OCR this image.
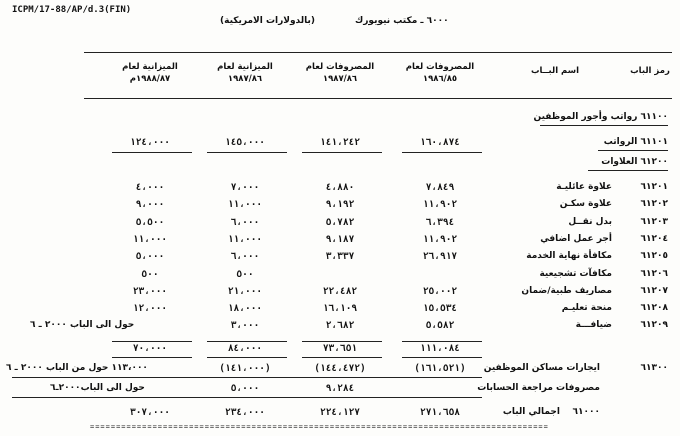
ICPM/17-88/AP/d.3(FIN)
٦٠٠٠ ـ مكتب نيويورك
(بالدولارات الامريكية)
رمز الباب
اسم البــاب
المصروفات لعام
١٩٨٦/٨٥
المصروفات لعام
١٩٨٧/٨٦
الميزانية لعام
١٩٨٧/٨٦
الميزانية لعام
١٩٨٨/٨٧م
٦١١٠٠ رواتب وأجور الموظفين
٦١١٠١ الرواتب
١٦٠،٨٧٤
١٤١،٢٤٢
١٤٥،٠٠٠
١٢٤،٠٠٠
٦١٢٠٠ العلاوات
٦١٢٠١
علاوة عائليـة
٧،٨٤٩
٤،٨٨٠
٧،٠٠٠
٤،٠٠٠
٦١٢٠٢
علاوة سكـن
١١،٩٠٢
٩،١٩٢
١١،٠٠٠
٩،٠٠٠
٦١٢٠٣
بدل نقــل
٦،٣٩٤
٥،٧٨٢
٦،٠٠٠
٥،٥٠٠
٦١٢٠٤
أجر عمل اضافي
١١،٩٠٢
٩،١٨٧
١١،٠٠٠
١١،٠٠٠
٦١٢٠٥
مكافأة نهاية الخدمة
٢٦،٩١٧
٣،٣٣٧
٦،٠٠٠
٥،٠٠٠
٦١٢٠٦
مكافآت تشجيعية
٥٠٠
٥٠٠
٦١٢٠٧
مصاريف طبية/ضمان
٢٥،٠٠٢
٢٢،٤٨٢
٢١،٠٠٠
٢٣،٠٠٠
٦١٢٠٨
منحة تعليـم
١٥،٥٣٤
١٦،١٠٩
١٨،٠٠٠
١٢،٠٠٠
٦١٢٠٩
ضيافـــة
٥،٥٨٢
٢،٦٨٢
٣،٠٠٠
حول الى الباب ٢٠٠٠ ـ ٦
١١١،٠٨٤
٧٣،٦٥١
٨٤،٠٠٠
٧٠،٠٠٠
٦١٣٠٠
ايجارات مساكن الموظفين
(١٦١،٥٢١)
(١٤٤،٤٧٢)
(١٤١،٠٠٠)
١١٣،٠٠٠ حول من الباب ٢٠٠٠ ـ ٦
مصروفات مراجعة الحسابات
٩،٢٨٤
٥،٠٠٠
حول الى الباب٢٠٠٠ـ٦
٦١٠٠٠
اجمالي الباب
٢٧١،٦٥٨
٢٢٤،١٢٧
٢٣٤،٠٠٠
٣٠٧،٠٠٠
========================================================================================
